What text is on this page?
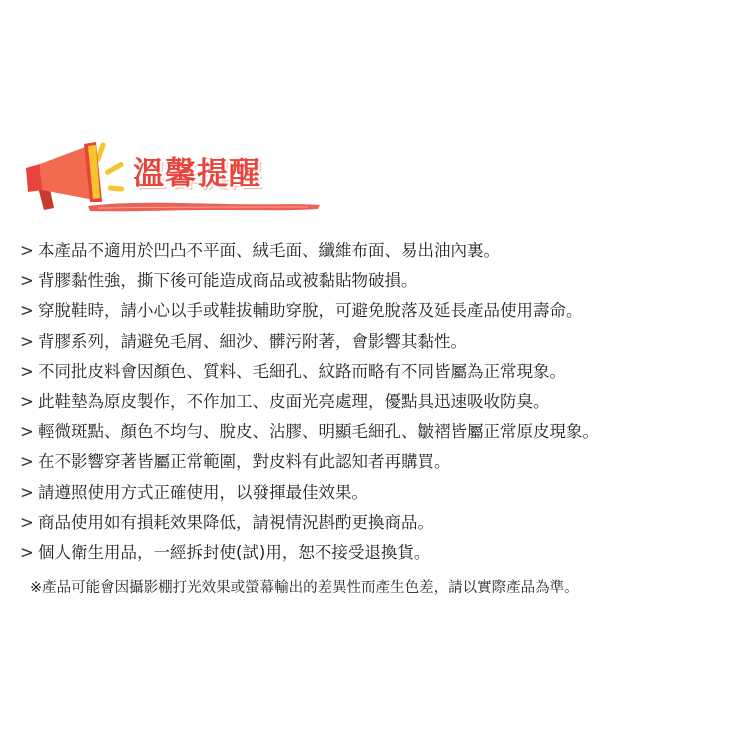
溫馨提醒
> 本產品不適用於凹凸不平面、絨毛面、纖維布面、易出油內裏。
> 背膠黏性強，撕下後可能造成商品或被黏貼物破損。
> 穿脫鞋時，請小心以手或鞋拔輔助穿脫，可避免脫落及延長產品使用壽命。
> 背膠系列，請避免毛屑、細沙、髒污附著，會影響其黏性。
> 不同批皮料會因顏色、質料、毛細孔、紋路而略有不同皆屬為正常現象。
> 此鞋墊為原皮製作，不作加工、皮面光亮處理，優點具迅速吸收防臭。
> 輕微斑點、顏色不均勻、脫皮、沾膠、明顯毛細孔、皺褶皆屬正常原皮現象。
> 在不影響穿著皆屬正常範圍，對皮料有此認知者再購買。
> 請遵照使用方式正確使用，以發揮最佳效果。
> 商品使用如有損耗效果降低，請視情況斟酌更換商品。
> 個人衛生用品，一經拆封使(試)用，恕不接受退換貨。
※產品可能會因攝影棚打光效果或螢幕輸出的差異性而產生色差，請以實際產品為準。
